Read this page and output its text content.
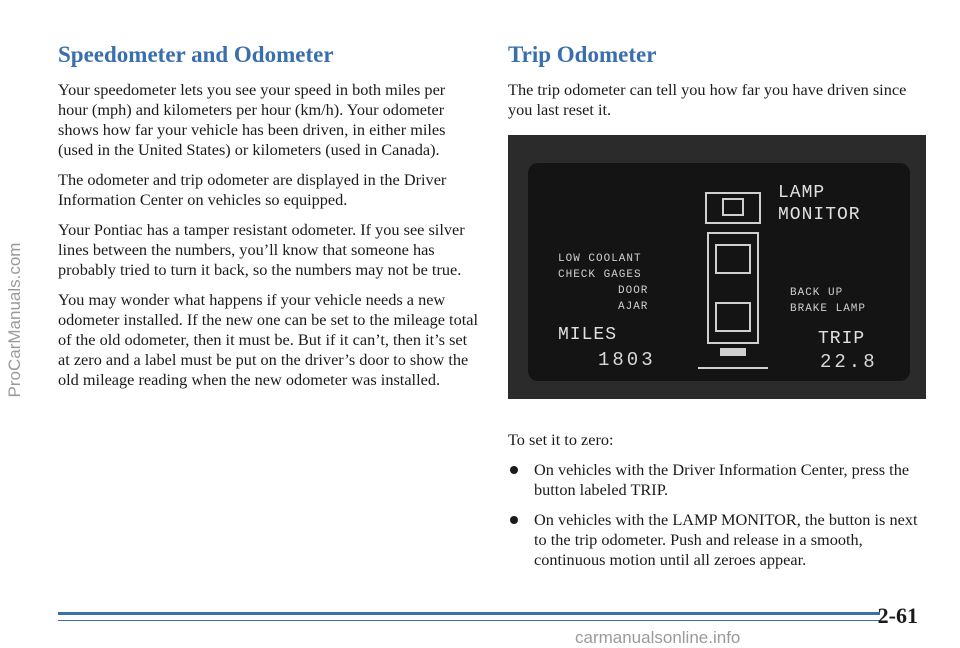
ProCarManuals.com
Speedometer and Odometer

Your speedometer lets you see your speed in both miles per hour (mph) and kilometers per hour (km/h). Your odometer shows how far your vehicle has been driven, in either miles (used in the United States) or kilometers (used in Canada).

The odometer and trip odometer are displayed in the Driver Information Center on vehicles so equipped.

Your Pontiac has a tamper resistant odometer. If you see silver lines between the numbers, you’ll know that someone has probably tried to turn it back, so the numbers may not be true.

You may wonder what happens if your vehicle needs a new odometer installed. If the new one can be set to the mileage total of the old odometer, then it must be. But if it can’t, then it’s set at zero and a label must be put on the driver’s door to show the old mileage reading when the new odometer was installed.

Trip Odometer

The trip odometer can tell you how far you have driven since you last reset it.

LAMP
MONITOR
LOW COOLANT
CHECK GAGES
DOOR
AJAR
MILES
1803
BACK UP
BRAKE LAMP
TRIP
22.8

To set it to zero:

On vehicles with the Driver Information Center, press the button labeled TRIP.
On vehicles with the LAMP MONITOR, the button is next to the trip odometer. Push and release in a smooth, continuous motion until all zeroes appear.
2-61
carmanualsonline.info
